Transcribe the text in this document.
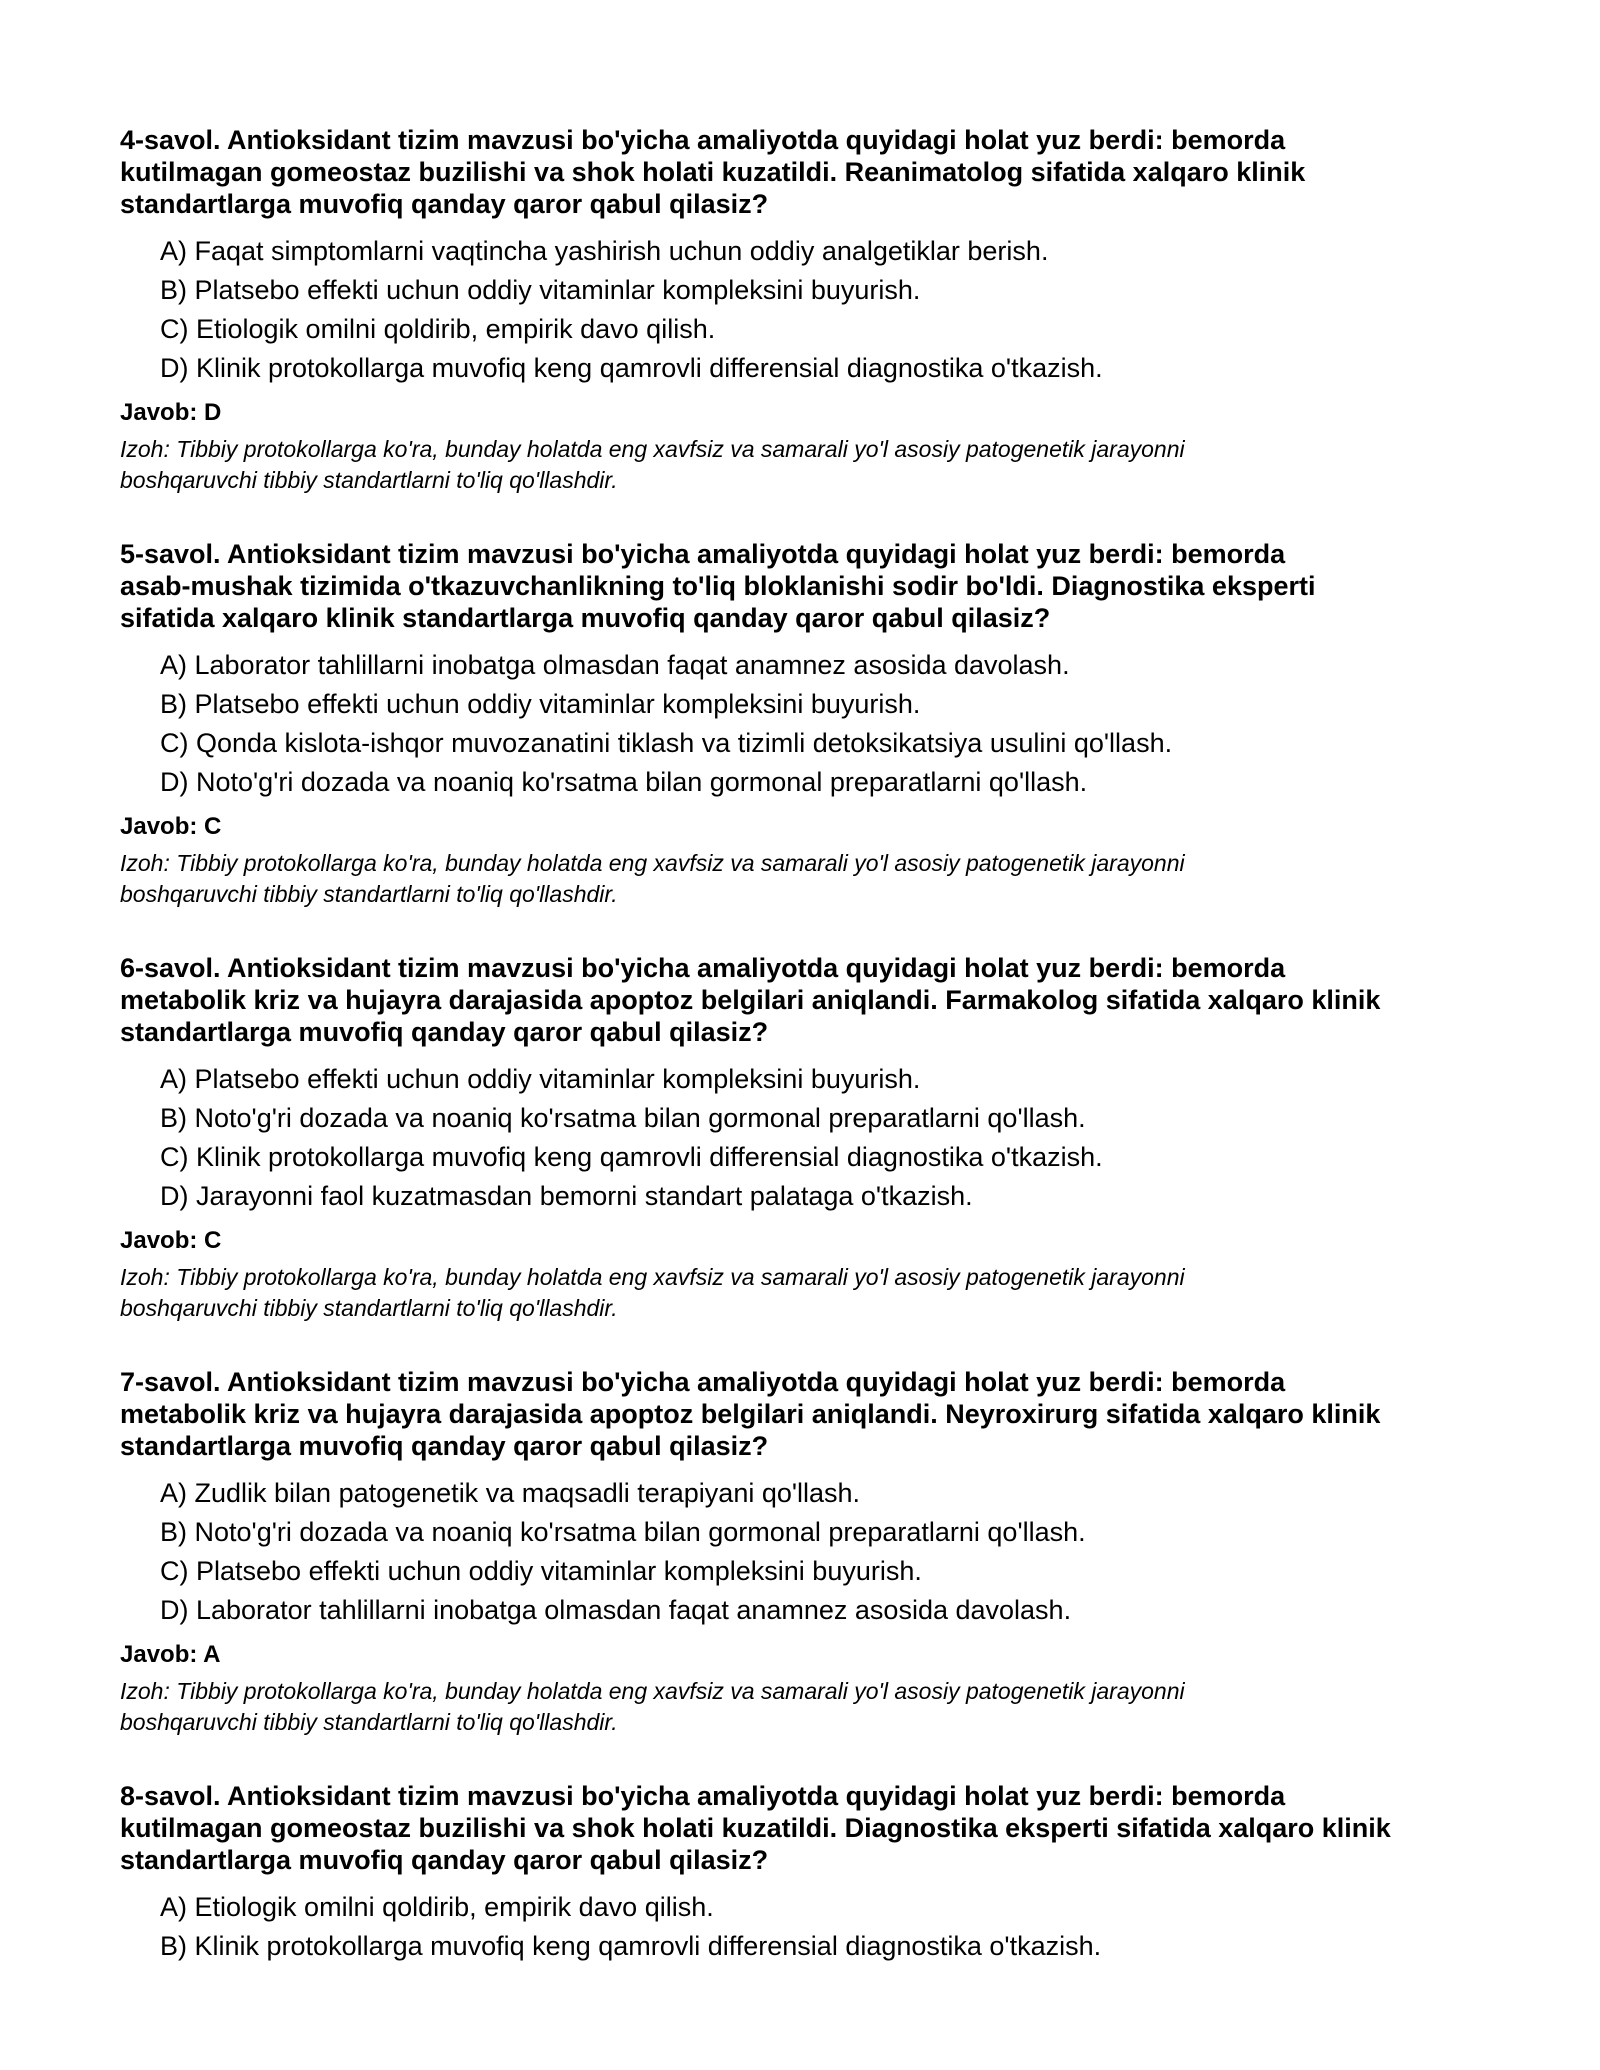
4-savol. Antioksidant tizim mavzusi bo'yicha amaliyotda quyidagi holat yuz berdi: bemorda
kutilmagan gomeostaz buzilishi va shok holati kuzatildi. Reanimatolog sifatida xalqaro klinik
standartlarga muvofiq qanday qaror qabul qilasiz?
A) Faqat simptomlarni vaqtincha yashirish uchun oddiy analgetiklar berish.
B) Platsebo effekti uchun oddiy vitaminlar kompleksini buyurish.
C) Etiologik omilni qoldirib, empirik davo qilish.
D) Klinik protokollarga muvofiq keng qamrovli differensial diagnostika o'tkazish.
Javob: D
Izoh: Tibbiy protokollarga ko'ra, bunday holatda eng xavfsiz va samarali yo'l asosiy patogenetik jarayonni
boshqaruvchi tibbiy standartlarni to'liq qo'llashdir.
5-savol. Antioksidant tizim mavzusi bo'yicha amaliyotda quyidagi holat yuz berdi: bemorda
asab-mushak tizimida o'tkazuvchanlikning to'liq bloklanishi sodir bo'ldi. Diagnostika eksperti
sifatida xalqaro klinik standartlarga muvofiq qanday qaror qabul qilasiz?
A) Laborator tahlillarni inobatga olmasdan faqat anamnez asosida davolash.
B) Platsebo effekti uchun oddiy vitaminlar kompleksini buyurish.
C) Qonda kislota-ishqor muvozanatini tiklash va tizimli detoksikatsiya usulini qo'llash.
D) Noto'g'ri dozada va noaniq ko'rsatma bilan gormonal preparatlarni qo'llash.
Javob: C
Izoh: Tibbiy protokollarga ko'ra, bunday holatda eng xavfsiz va samarali yo'l asosiy patogenetik jarayonni
boshqaruvchi tibbiy standartlarni to'liq qo'llashdir.
6-savol. Antioksidant tizim mavzusi bo'yicha amaliyotda quyidagi holat yuz berdi: bemorda
metabolik kriz va hujayra darajasida apoptoz belgilari aniqlandi. Farmakolog sifatida xalqaro klinik
standartlarga muvofiq qanday qaror qabul qilasiz?
A) Platsebo effekti uchun oddiy vitaminlar kompleksini buyurish.
B) Noto'g'ri dozada va noaniq ko'rsatma bilan gormonal preparatlarni qo'llash.
C) Klinik protokollarga muvofiq keng qamrovli differensial diagnostika o'tkazish.
D) Jarayonni faol kuzatmasdan bemorni standart palataga o'tkazish.
Javob: C
Izoh: Tibbiy protokollarga ko'ra, bunday holatda eng xavfsiz va samarali yo'l asosiy patogenetik jarayonni
boshqaruvchi tibbiy standartlarni to'liq qo'llashdir.
7-savol. Antioksidant tizim mavzusi bo'yicha amaliyotda quyidagi holat yuz berdi: bemorda
metabolik kriz va hujayra darajasida apoptoz belgilari aniqlandi. Neyroxirurg sifatida xalqaro klinik
standartlarga muvofiq qanday qaror qabul qilasiz?
A) Zudlik bilan patogenetik va maqsadli terapiyani qo'llash.
B) Noto'g'ri dozada va noaniq ko'rsatma bilan gormonal preparatlarni qo'llash.
C) Platsebo effekti uchun oddiy vitaminlar kompleksini buyurish.
D) Laborator tahlillarni inobatga olmasdan faqat anamnez asosida davolash.
Javob: A
Izoh: Tibbiy protokollarga ko'ra, bunday holatda eng xavfsiz va samarali yo'l asosiy patogenetik jarayonni
boshqaruvchi tibbiy standartlarni to'liq qo'llashdir.
8-savol. Antioksidant tizim mavzusi bo'yicha amaliyotda quyidagi holat yuz berdi: bemorda
kutilmagan gomeostaz buzilishi va shok holati kuzatildi. Diagnostika eksperti sifatida xalqaro klinik
standartlarga muvofiq qanday qaror qabul qilasiz?
A) Etiologik omilni qoldirib, empirik davo qilish.
B) Klinik protokollarga muvofiq keng qamrovli differensial diagnostika o'tkazish.
